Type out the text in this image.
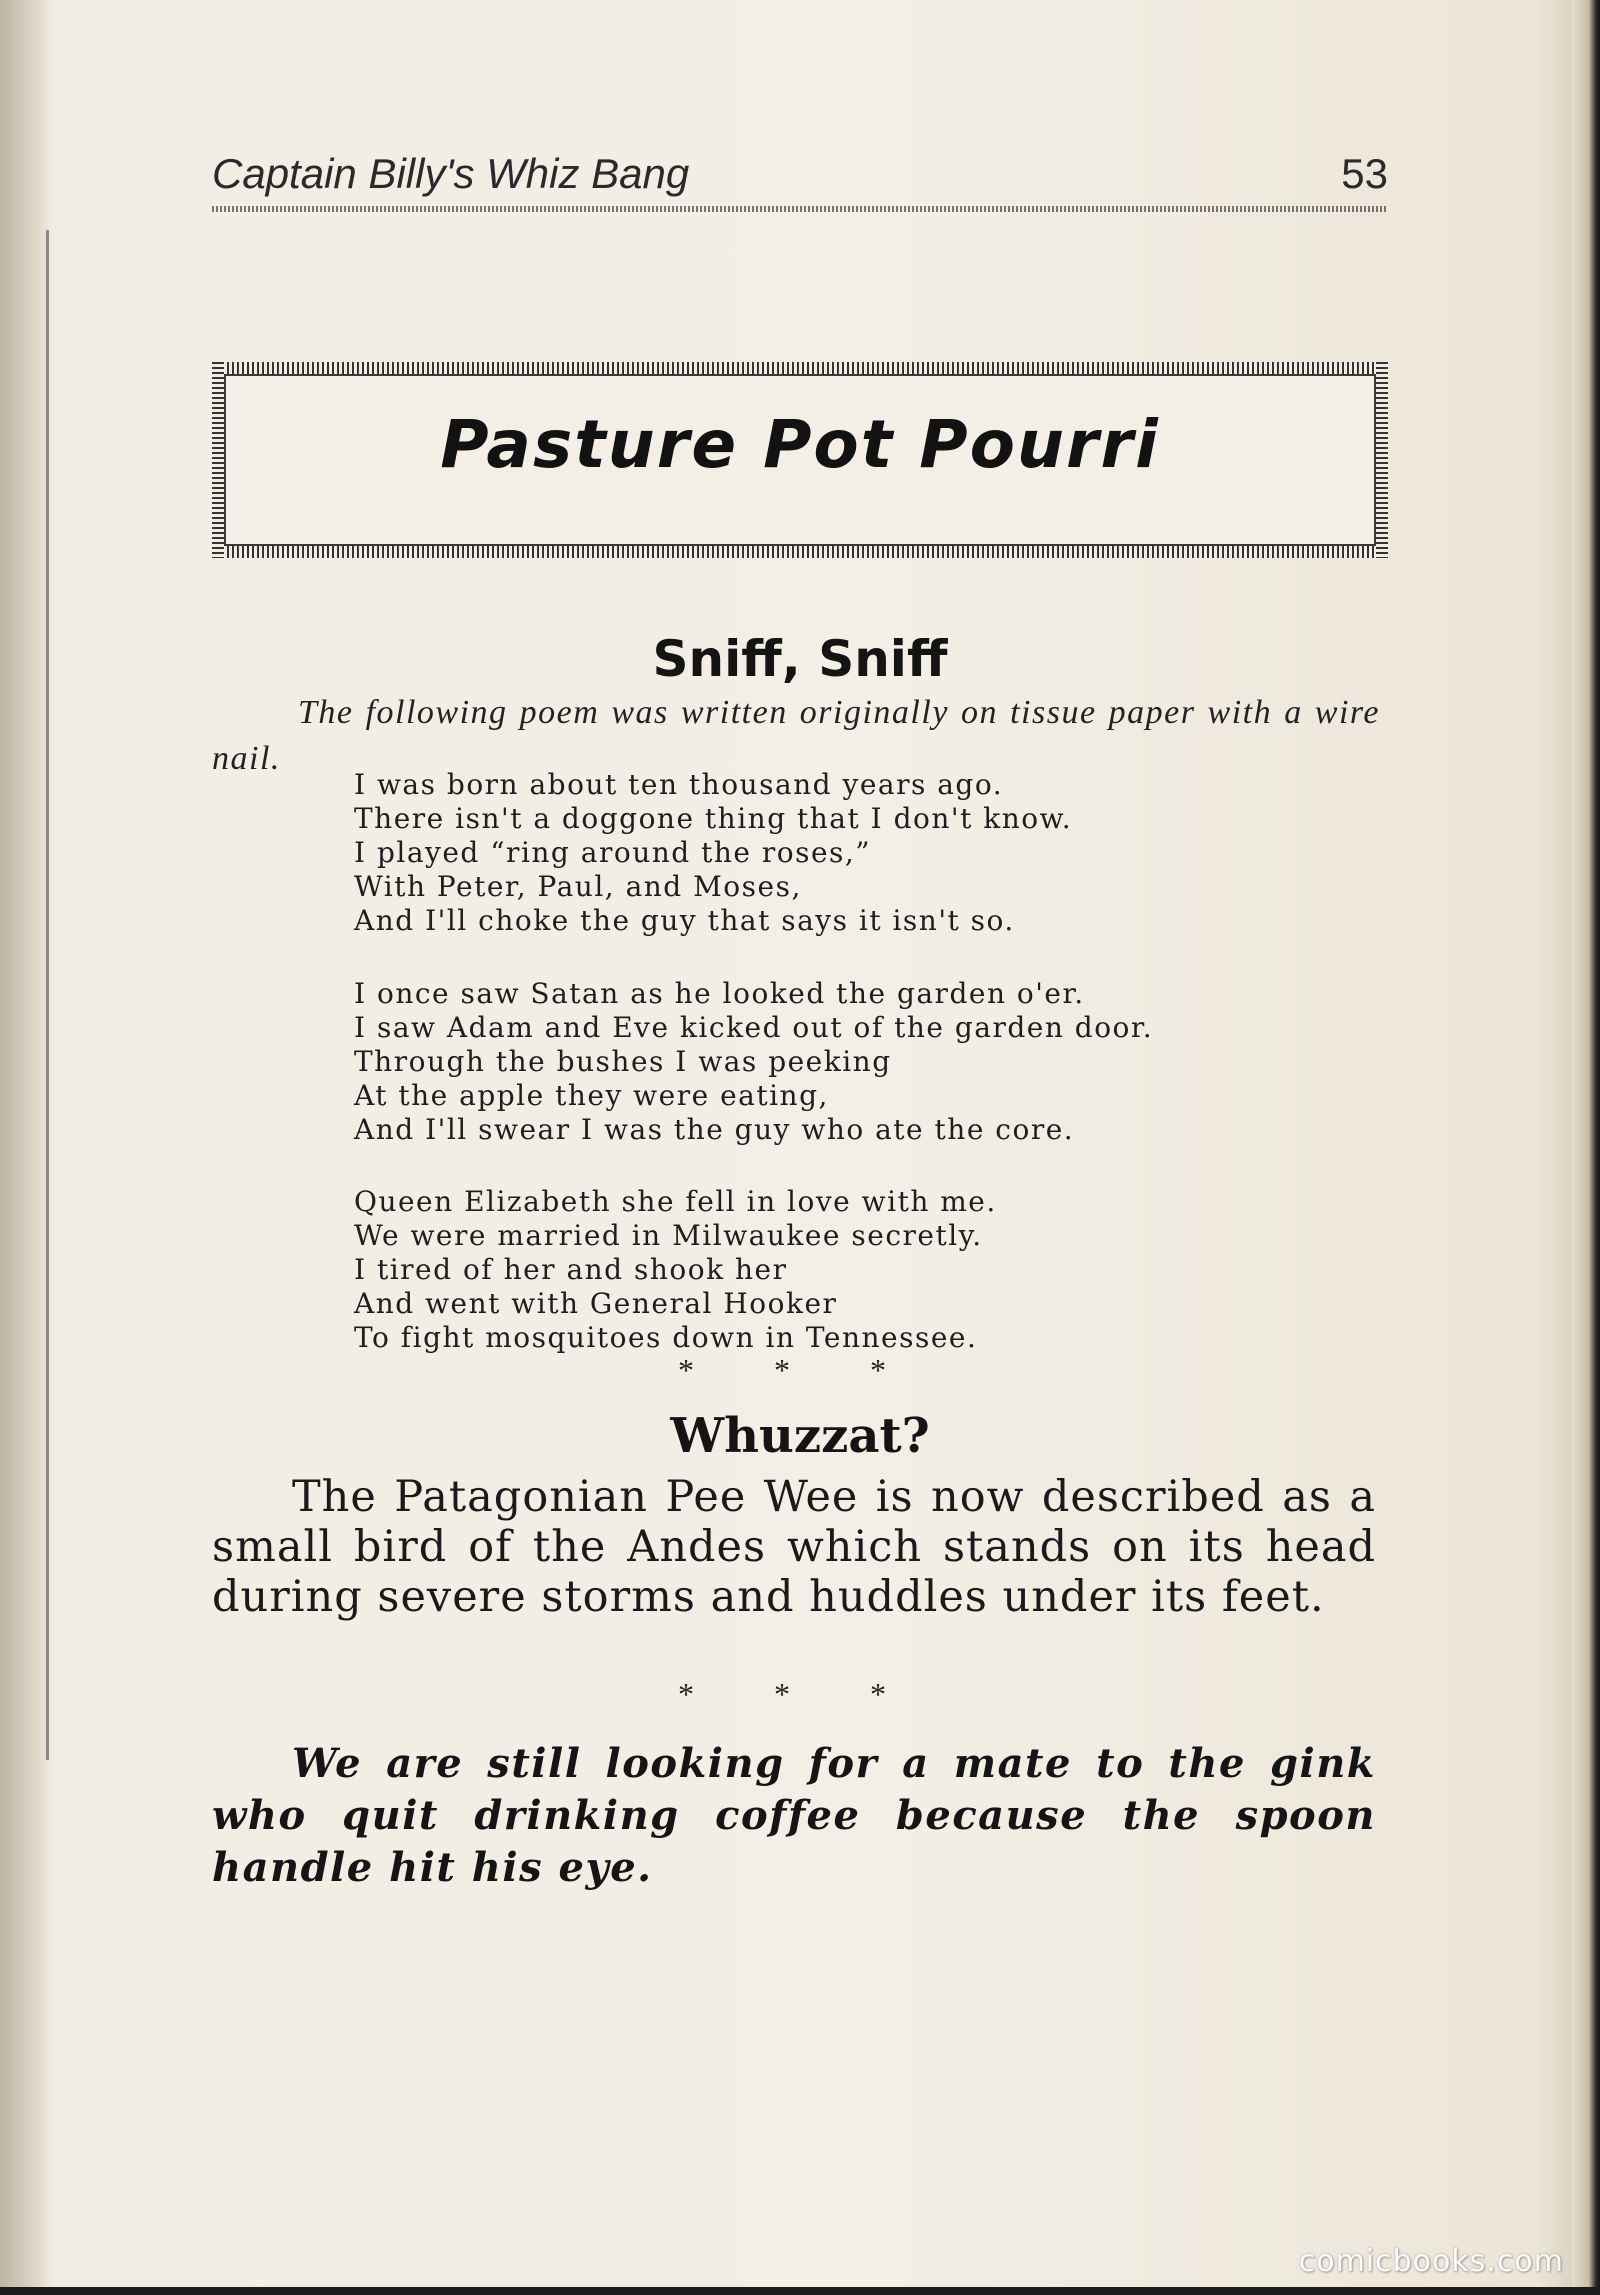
Captain Billy's Whiz Bang	53
Pasture Pot Pourri
Sniff, Sniff
The following poem was written originally on tissue paper with a wire nail.
I was born about ten thousand years ago.
There isn't a doggone thing that I don't know.
I played “ring around the roses,”
With Peter, Paul, and Moses,
And I'll choke the guy that says it isn't so.
I once saw Satan as he looked the garden o'er.
I saw Adam and Eve kicked out of the garden door.
Through the bushes I was peeking
At the apple they were eating,
And I'll swear I was the guy who ate the core.
Queen Elizabeth she fell in love with me.
We were married in Milwaukee secretly.
I tired of her and shook her
And went with General Hooker
To fight mosquitoes down in Tennessee.
* * *
Whuzzat?

The Patagonian Pee Wee is now described as a small bird of the Andes which stands on its head during severe storms and huddles under its feet.

* * *

We are still looking for a mate to the gink who quit drinking coffee because the spoon handle hit his eye.

comicbooks.com
